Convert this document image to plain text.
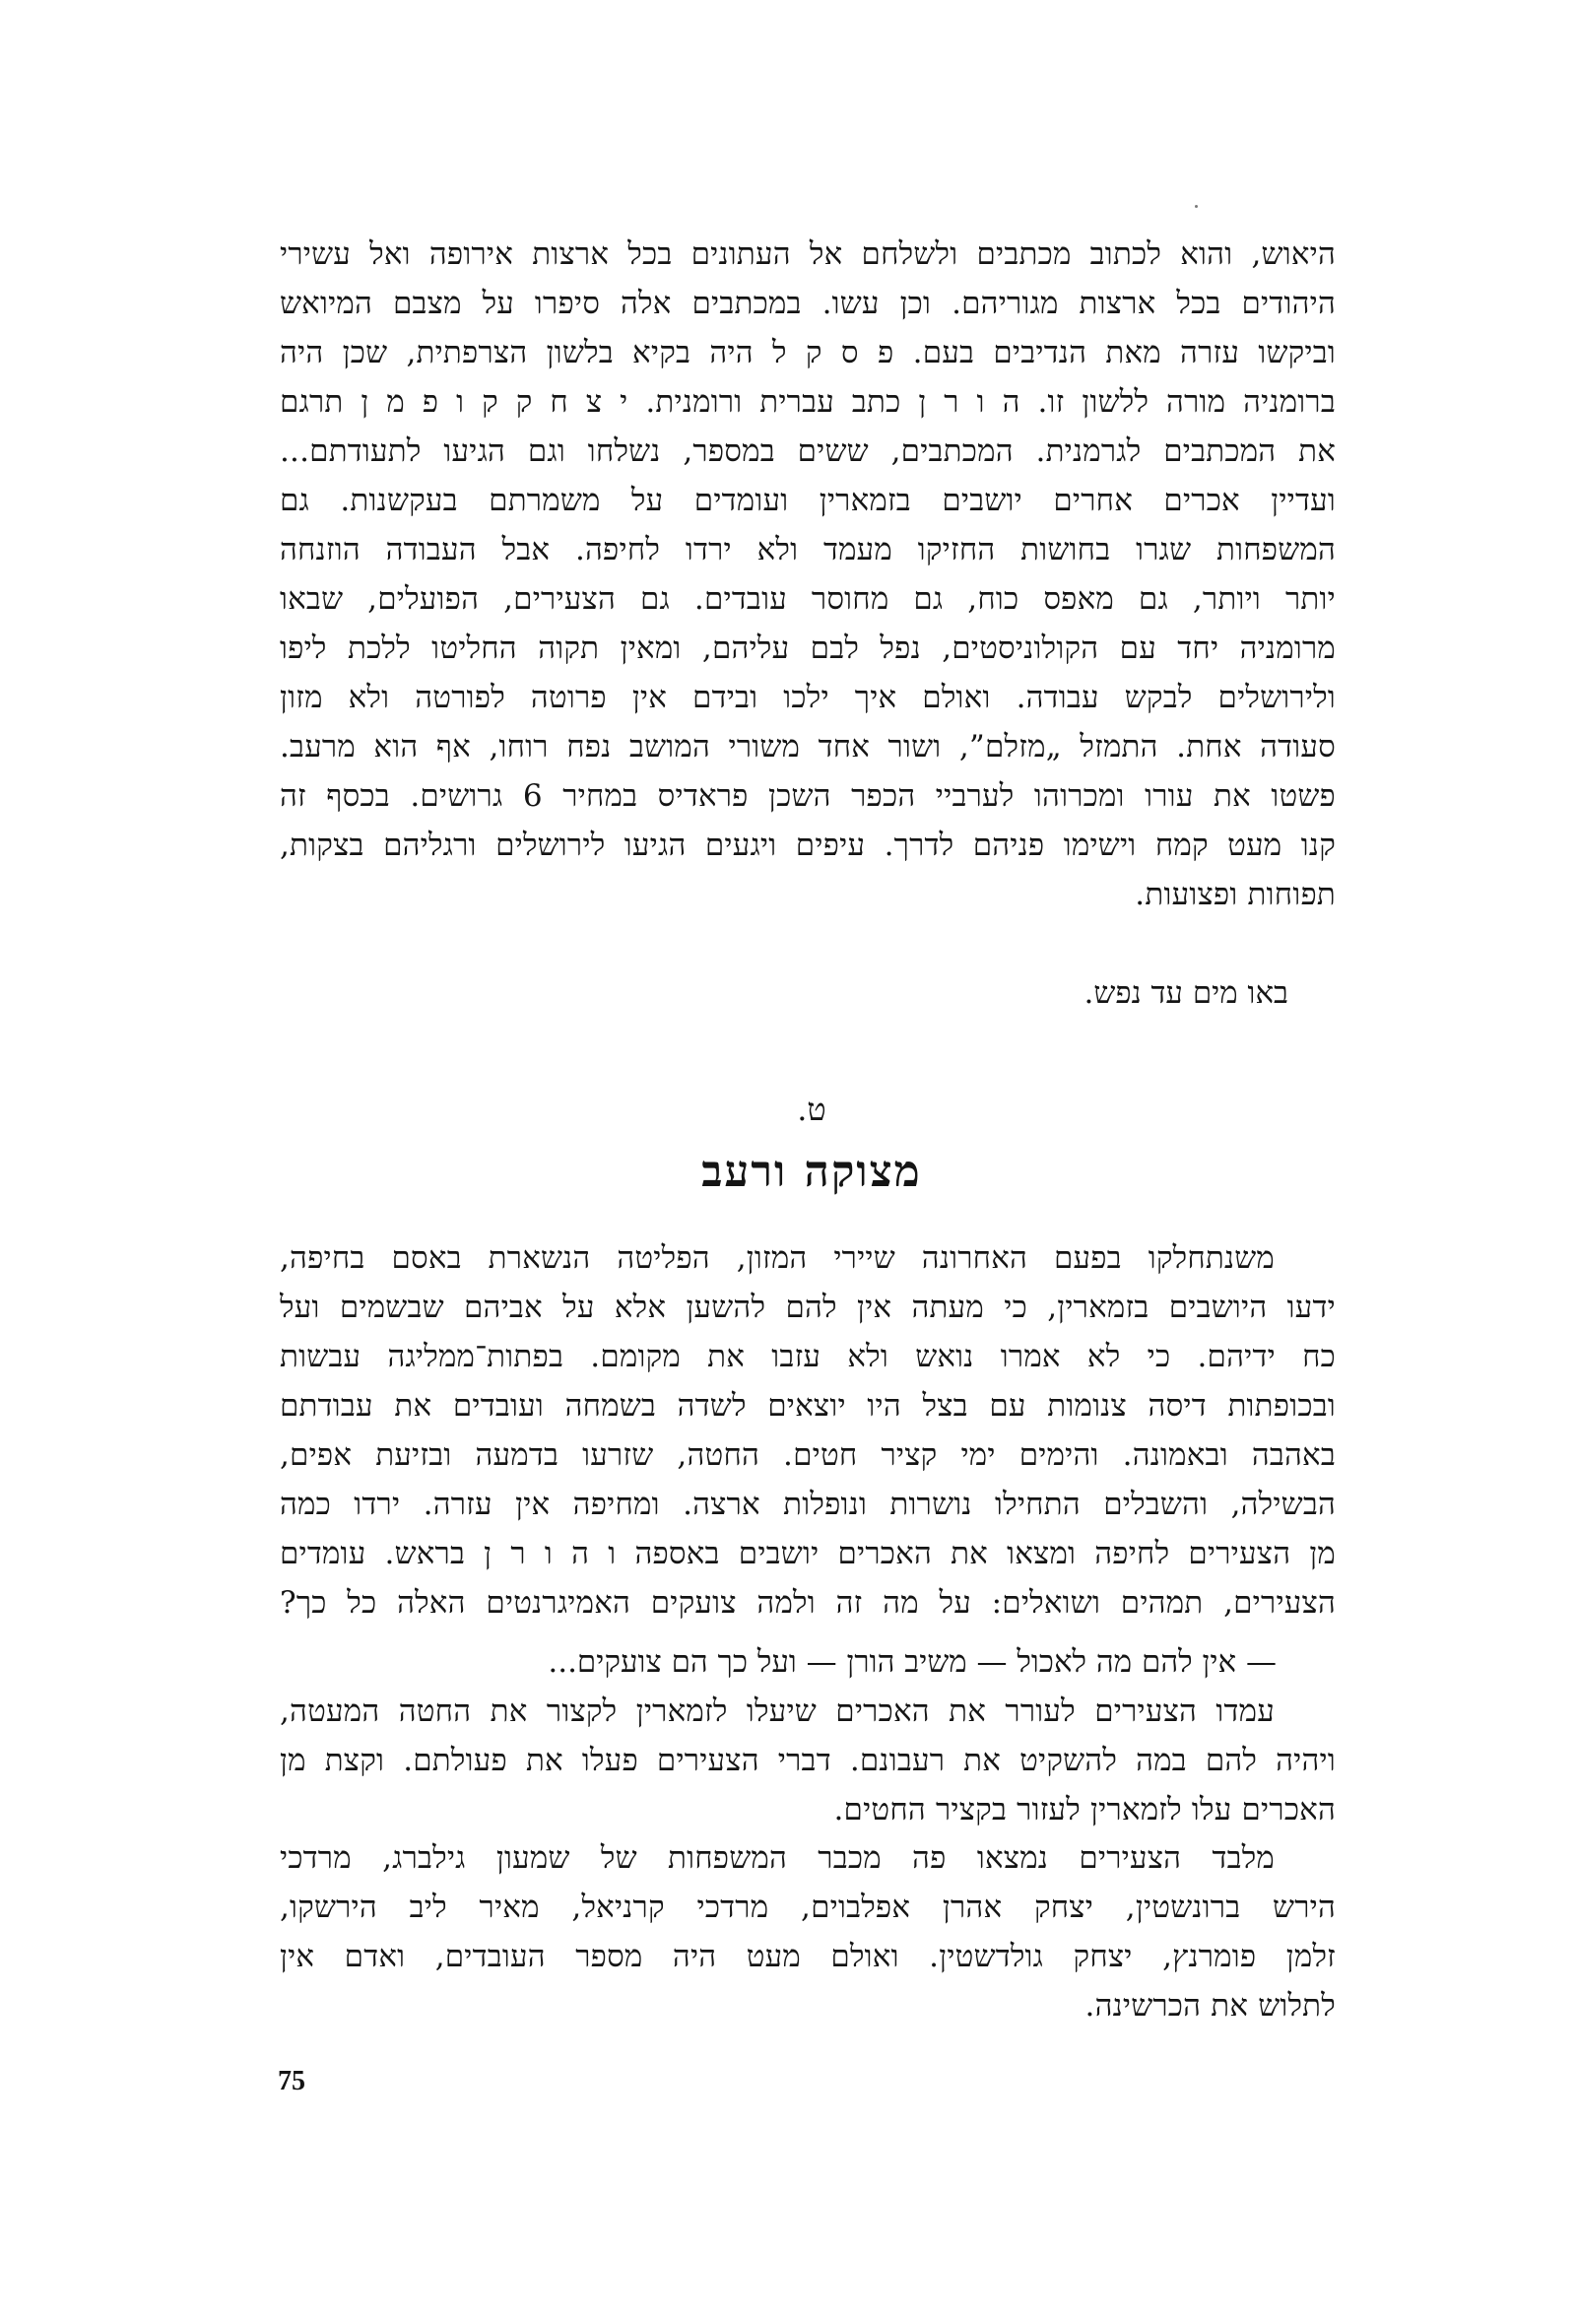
היאוש, והוא לכתוב מכתבים ולשלחם אל העתונים בכל ארצות אירופה ואל עשירי
היהודים בכל ארצות מגוריהם. וכן עשו. במכתבים אלה סיפרו על מצבם המיואש
וביקשו עזרה מאת הנדיבים בעם. פ ס ק ל היה בקיא בלשון הצרפתית, שכן היה
ברומניה מורה ללשון זו. ה ו ר ן כתב עברית ורומנית. י צ ח ק ק ו פ מ ן תרגם
את המכתבים לגרמנית. המכתבים, ששים במספר, נשלחו וגם הגיעו לתעודתם...
ועדיין אכרים אחרים יושבים בזמארין ועומדים על משמרתם בעקשנות. גם
המשפחות שגרו בחושות החזיקו מעמד ולא ירדו לחיפה. אבל העבודה הוזנחה
יותר ויותר, גם מאפס כוח, גם מחוסר עובדים. גם הצעירים, הפועלים, שבאו
מרומניה יחד עם הקולוניסטים, נפל לבם עליהם, ומאין תקוה החליטו ללכת ליפו
ולירושלים לבקש עבודה. ואולם איך ילכו ובידם אין פרוטה לפורטה ולא מזון
סעודה אחת. התמזל „מזלם”, ושור אחד משורי המושב נפח רוחו, אף הוא מרעב.
פשטו את עורו ומכרוהו לערביי הכפר השכן פראדיס במחיר 6 גרושים. בכסף זה
קנו מעט קמח וישימו פניהם לדרך. עיפים ויגעים הגיעו לירושלים ורגליהם בצקות,
תפוחות ופצועות.
באו מים עד נפש.
ט.
מצוקה ורעב
משנתחלקו בפעם האחרונה שיירי המזון, הפליטה הנשארת באסם בחיפה,
ידעו היושבים בזמארין, כי מעתה אין להם להשען אלא על אביהם שבשמים ועל
כח ידיהם. כי לא אמרו נואש ולא עזבו את מקומם. בפתות־ממליגה עבשות
ובכופתות דיסה צנומות עם בצל היו יוצאים לשדה בשמחה ועובדים את עבודתם
באהבה ובאמונה. והימים ימי קציר חטים. החטה, שזרעו בדמעה ובזיעת אפים,
הבשילה, והשבלים התחילו נושרות ונופלות ארצה. ומחיפה אין עזרה. ירדו כמה
מן הצעירים לחיפה ומצאו את האכרים יושבים באספה ו ה ו ר ן בראש. עומדים
הצעירים, תמהים ושואלים: על מה זה ולמה צועקים האמיגרנטים האלה כל כך?
— אין להם מה לאכול — משיב הורן — ועל כך הם צועקים...
עמדו הצעירים לעורר את האכרים שיעלו לזמארין לקצור את החטה המעטה,
ויהיה להם במה להשקיט את רעבונם. דברי הצעירים פעלו את פעולתם. וקצת מן
האכרים עלו לזמארין לעזור בקציר החטים.
מלבד הצעירים נמצאו פה מכבר המשפחות של שמעון גילברג, מרדכי
הירש ברונשטין, יצחק אהרן אפלבוים, מרדכי קרניאל, מאיר ליב הירשקו,
זלמן פומרנץ, יצחק גולדשטין. ואולם מעט היה מספר העובדים, ואדם אין
לתלוש את הכרשינה.
75
